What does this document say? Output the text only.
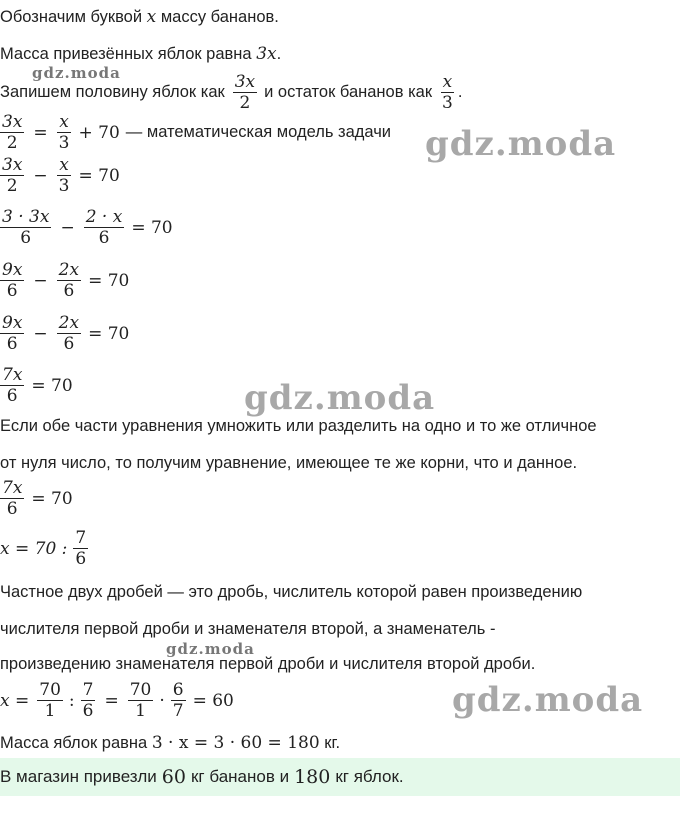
Обозначим буквой x массу бананов.
Масса привезённых яблок равна 3x.
Запишем половину яблок как $\frac{3x}{2}$ и остаток бананов как $\frac{x}{3}$ .
$\frac{3x}{2} = \frac{x}{3} + 70$ — математическая модель задачи
$\frac{3x}{2} - \frac{x}{3} = 70$
$\frac{3 \cdot 3x}{6} - \frac{2 \cdot x}{6} = 70$
$\frac{9x}{6} - \frac{2x}{6} = 70$
$\frac{9x}{6} - \frac{2x}{6} = 70$
$\frac{7x}{6} = 70$
Если обе части уравнения умножить или разделить на одно и то же отличное
от нуля число, то получим уравнение, имеющее те же корни, что и данное.
$\frac{7x}{6} = 70$
x = 70 : $\frac{7}{6}$
Частное двух дробей — это дробь, числитель которой равен произведению
числителя первой дроби и знаменателя второй, а знаменатель -
произведению знаменателя первой дроби и числителя второй дроби.
$x = \frac{70}{1}$ : $\frac{7}{6} = \frac{70}{1} \cdot \frac{6}{7} = 60$
Масса яблок равна 3 · x = 3 · 60 = 180 кг.
В магазин привезли 60 кг бананов и 180 кг яблок.
gdz.moda
gdz.moda
gdz.moda
gdz.moda
gdz.moda
